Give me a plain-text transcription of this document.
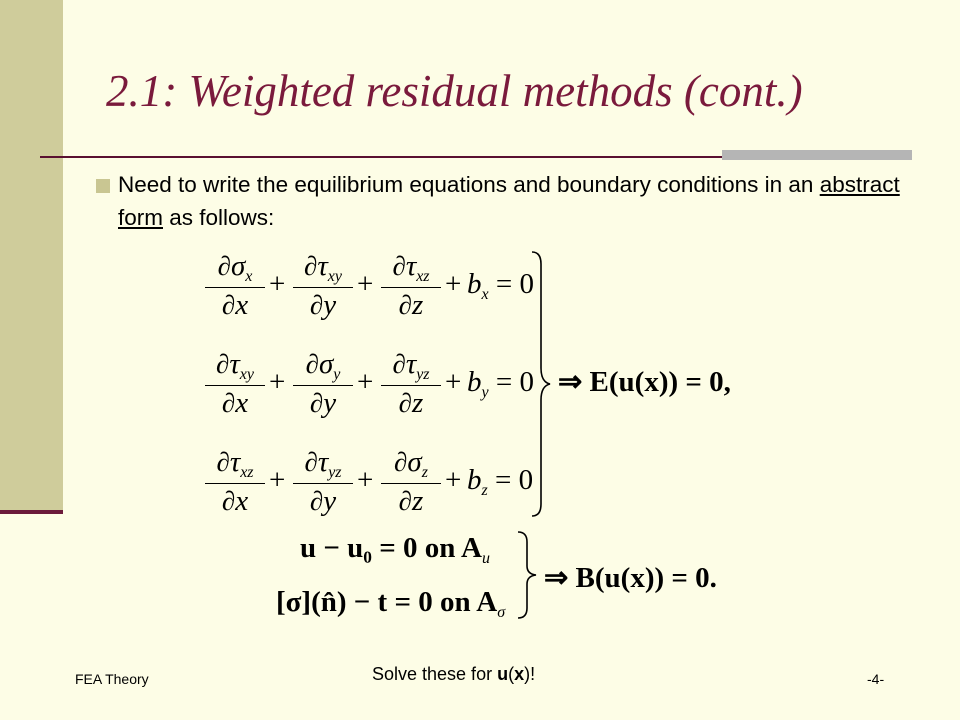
2.1: Weighted residual methods (cont.)
Need to write the equilibrium equations and boundary conditions in an abstract form as follows:
$\frac{\partial\sigma_x}{\partial x}$ +
$\partial\tau_{xy}$
∂y
+
$\partial\tau_{xz}$
∂z
+ $b_x = 0$
$\partial\tau_{xy}$
∂x
+ $\frac{\partial\sigma_y}{\partial y}$ +
$\partial\tau_{yz}$
∂z
+ $b_y = 0$
$\partial\tau_{xz}$
∂x
+
$\partial\tau_{yz}$
∂y
+ $\frac{\partial\sigma_z}{\partial z} + b_z = 0$
⇒ E(u(x)) = 0,
u − u₀ = 0 on $A_u$
[σ](n̂) − t = 0 on $A_\sigma$
⇒ B(u(x)) = 0.
Solve these for u(x)!
FEA Theory	-4-
